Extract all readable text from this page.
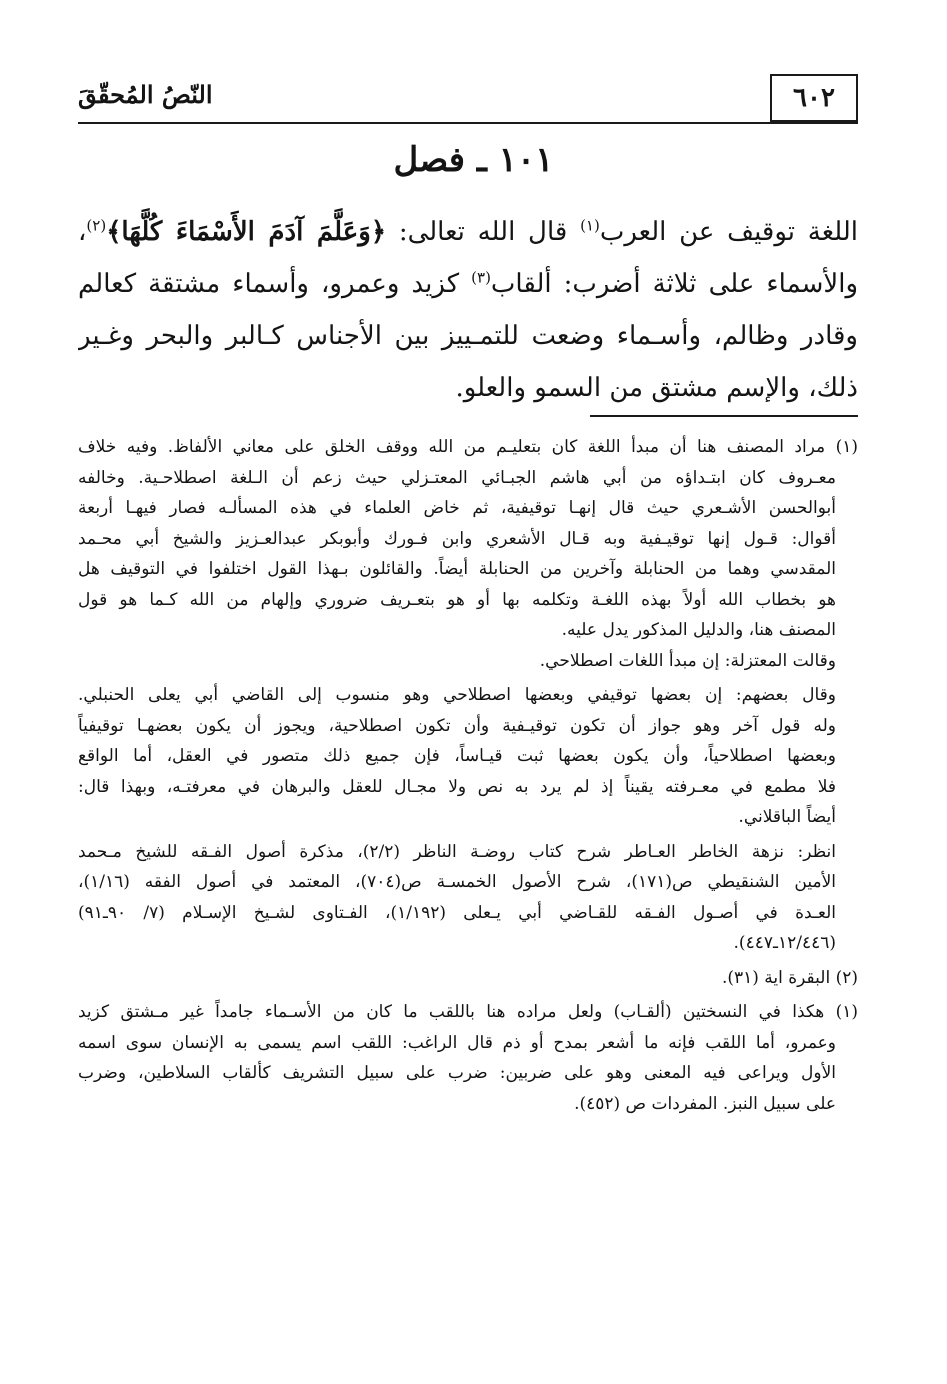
٦٠٢
النّصُ المُحقّقَ
١٠١ ـ فصل
اللغة توقيف عن العرب$^{(١)}$ قال الله تعالى: ﴿وَعَلَّمَ آدَمَ الأَسْمَاءَ كُلَّهَا﴾$^{(٢)}$،
والأسماء على ثلاثة أضرب: ألقاب$^{(٣)}$ كزيد وعمرو، وأسماء مشتقة كعالم
وقادر وظالم، وأسـماء وضعت للتمـييز بين الأجناس كـالبر والبحر وغـير
ذلك، والإسم مشتق من السمو والعلو.
(١) مراد المصنف هنا أن مبدأ اللغة كان بتعليـم من الله ووقف الخلق على معاني الألفاظ. وفيه خلاف
معـروف كان ابتـداؤه من أبي هاشم الجبـائي المعتـزلي حيث زعم أن الـلغة اصطلاحـية. وخالفه
أبوالحسن الأشـعري حيث قال إنهـا توقيفية، ثم خاض العلماء في هذه المسألـه فصار فيهـا أربعة
أقوال: قـول إنها توقيـفية وبه قـال الأشعري وابن فـورك وأبوبكر عبدالعـزيز والشيخ أبي محـمد
المقدسي وهما من الحنابلة وآخرين من الحنابلة أيضاً. والقائلون بـهذا القول اختلفوا في التوقيف هل
هو بخطاب الله أولاً بهذه اللغـة وتكلمه بها أو هو بتعـريف ضروري وإلهام من الله كـما هو قول
المصنف هنا، والدليل المذكور يدل عليه.
وقالت المعتزلة: إن مبدأ اللغات اصطلاحي.
وقال بعضهم: إن بعضها توقيفي وبعضها اصطلاحي وهو منسوب إلى القاضي أبي يعلى الحنبلي.
وله قول آخر وهو جواز أن تكون توقيـفية وأن تكون اصطلاحية، ويجوز أن يكون بعضهـا توقيفياً
وبعضها اصطلاحياً، وأن يكون بعضها ثبت قيـاساً، فإن جميع ذلك متصور في العقل، أما الواقع
فلا مطمع في معـرفته يقيناً إذ لم يرد به نص ولا مجـال للعقل والبرهان في معرفتـه، وبهذا قال:
أيضاً الباقلاني.
انظر: نزهة الخاطر العـاطر شرح كتاب روضـة الناظر (٢/٢)، مذكرة أصول الفـقه للشيخ مـحمد
الأمين الشنقيطي ص(١٧١)، شرح الأصول الخمسـة ص(٧٠٤)، المعتمد في أصول الفقه (١/١٦)،
العـدة في أصـول الفـقه للقـاضي أبي يـعلى (١/١٩٢)، الفـتاوى لشـيخ الإسـلام (٧/ ٩٠ـ٩١)
(١٢/٤٤٦ـ٤٤٧).
(٢) البقرة اية (٣١).
(١) هكذا في النسختين (ألقـاب) ولعل مراده هنا باللقب ما كان من الأسـماء جامداً غير مـشتق كزيد
وعمرو، أما اللقب فإنه ما أشعر بمدح أو ذم قال الراغب: اللقب اسم يسمى به الإنسان سوى اسمه
الأول ويراعى فيه المعنى وهو على ضربين: ضرب على سبيل التشريف كألقاب السلاطين، وضرب
على سبيل النبز. المفردات ص (٤٥٢).
